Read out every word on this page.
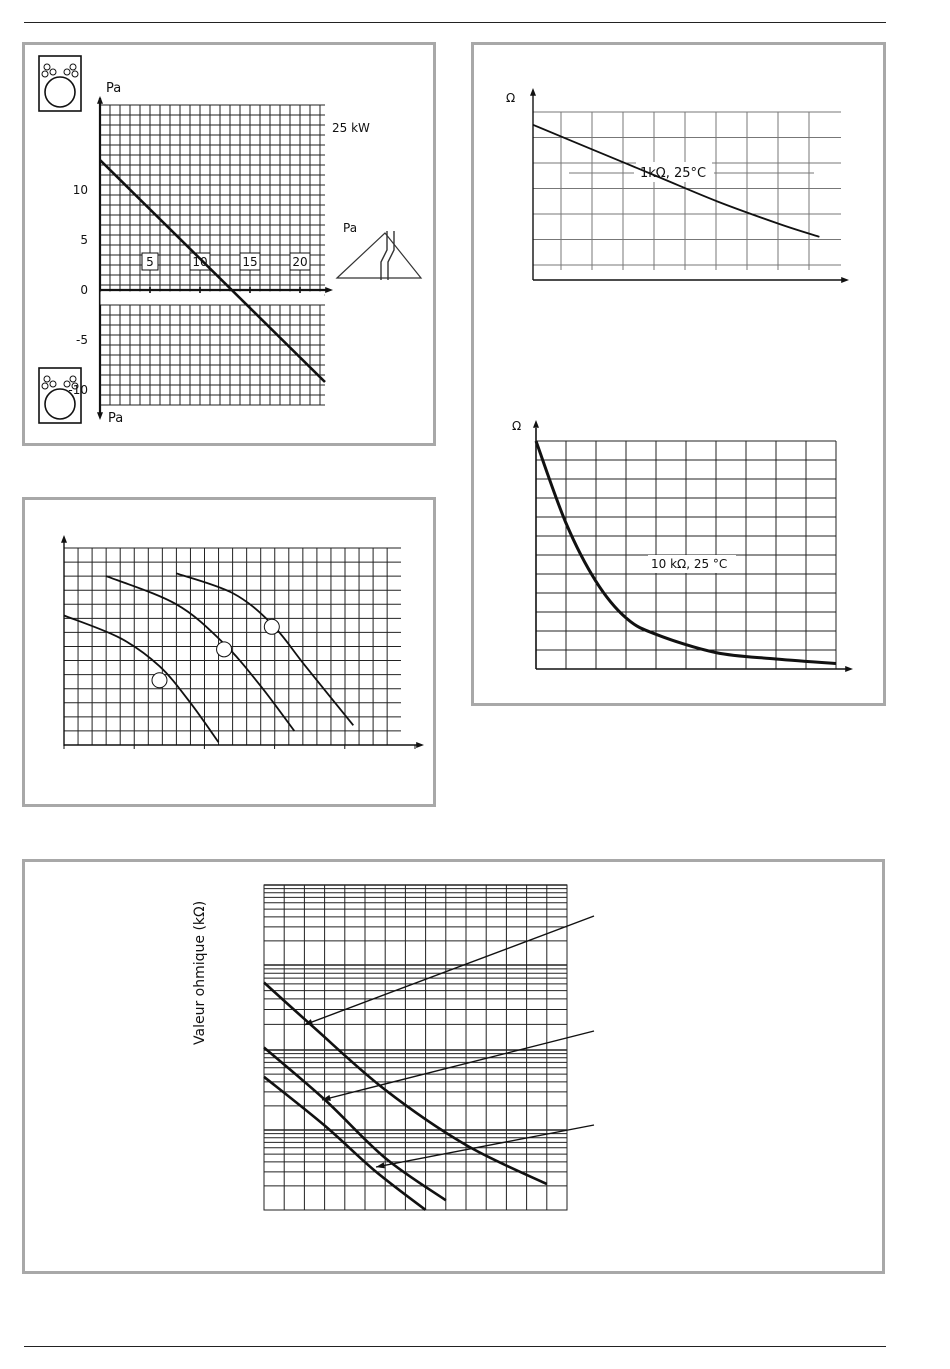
-10
-5
0
5
10
5	10	15	20
Pa
Pa
Pa
25 kW
Ω
1kΩ, 25°C
Ω
10 kΩ, 25 °C
Valeur ohmique (kΩ)
